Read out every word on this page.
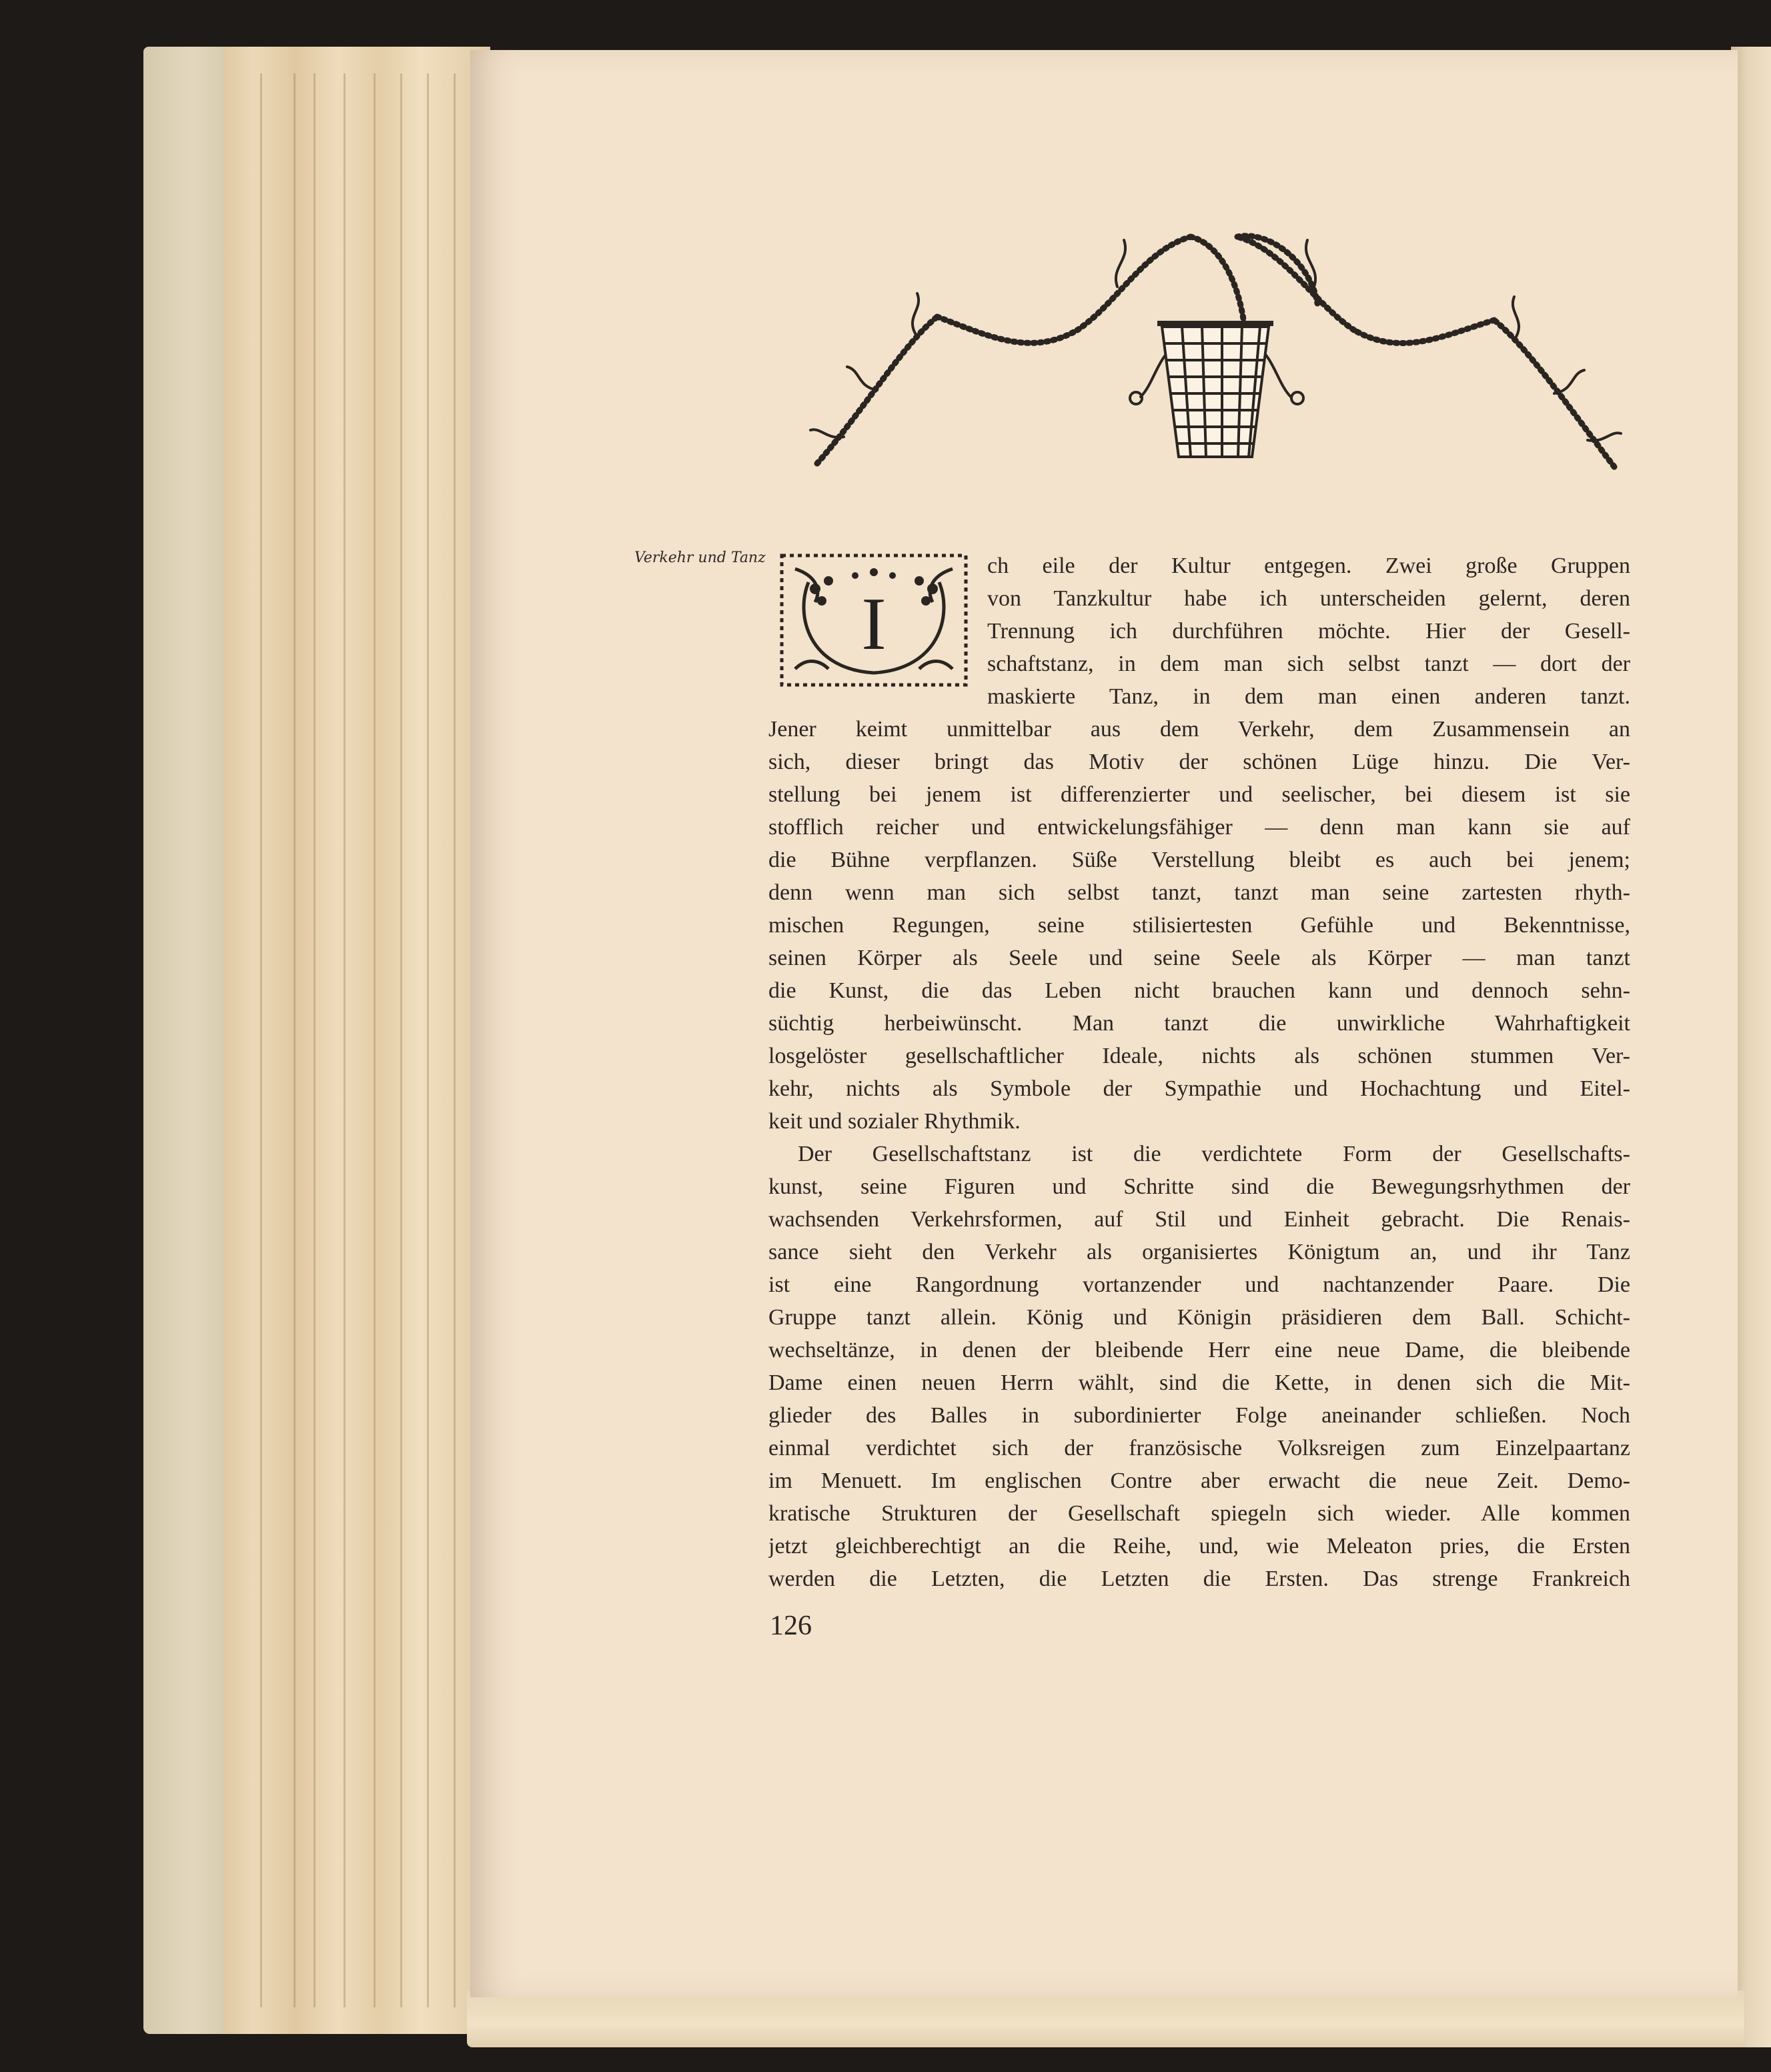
Verkehr und Tanz

I
ch eile der Kultur entgegen. Zwei große Gruppen
von Tanzkultur habe ich unterscheiden gelernt, deren
Trennung ich durchführen möchte. Hier der Gesell-
schaftstanz, in dem man sich selbst tanzt — dort der
maskierte Tanz, in dem man einen anderen tanzt.
Jener keimt unmittelbar aus dem Verkehr, dem Zusammensein an
sich, dieser bringt das Motiv der schönen Lüge hinzu. Die Ver-
stellung bei jenem ist differenzierter und seelischer, bei diesem ist sie
stofflich reicher und entwickelungsfähiger — denn man kann sie auf
die Bühne verpflanzen. Süße Verstellung bleibt es auch bei jenem;
denn wenn man sich selbst tanzt, tanzt man seine zartesten rhyth-
mischen Regungen, seine stilisiertesten Gefühle und Bekenntnisse,
seinen Körper als Seele und seine Seele als Körper — man tanzt
die Kunst, die das Leben nicht brauchen kann und dennoch sehn-
süchtig herbeiwünscht. Man tanzt die unwirkliche Wahrhaftigkeit
losgelöster gesellschaftlicher Ideale, nichts als schönen stummen Ver-
kehr, nichts als Symbole der Sympathie und Hochachtung und Eitel-
keit und sozialer Rhythmik.
Der Gesellschaftstanz ist die verdichtete Form der Gesellschafts-
kunst, seine Figuren und Schritte sind die Bewegungsrhythmen der
wachsenden Verkehrsformen, auf Stil und Einheit gebracht. Die Renais-
sance sieht den Verkehr als organisiertes Königtum an, und ihr Tanz
ist eine Rangordnung vortanzender und nachtanzender Paare. Die
Gruppe tanzt allein. König und Königin präsidieren dem Ball. Schicht-
wechseltänze, in denen der bleibende Herr eine neue Dame, die bleibende
Dame einen neuen Herrn wählt, sind die Kette, in denen sich die Mit-
glieder des Balles in subordinierter Folge aneinander schließen. Noch
einmal verdichtet sich der französische Volksreigen zum Einzelpaartanz
im Menuett. Im englischen Contre aber erwacht die neue Zeit. Demo-
kratische Strukturen der Gesellschaft spiegeln sich wieder. Alle kommen
jetzt gleichberechtigt an die Reihe, und, wie Meleaton pries, die Ersten
werden die Letzten, die Letzten die Ersten. Das strenge Frankreich

126
